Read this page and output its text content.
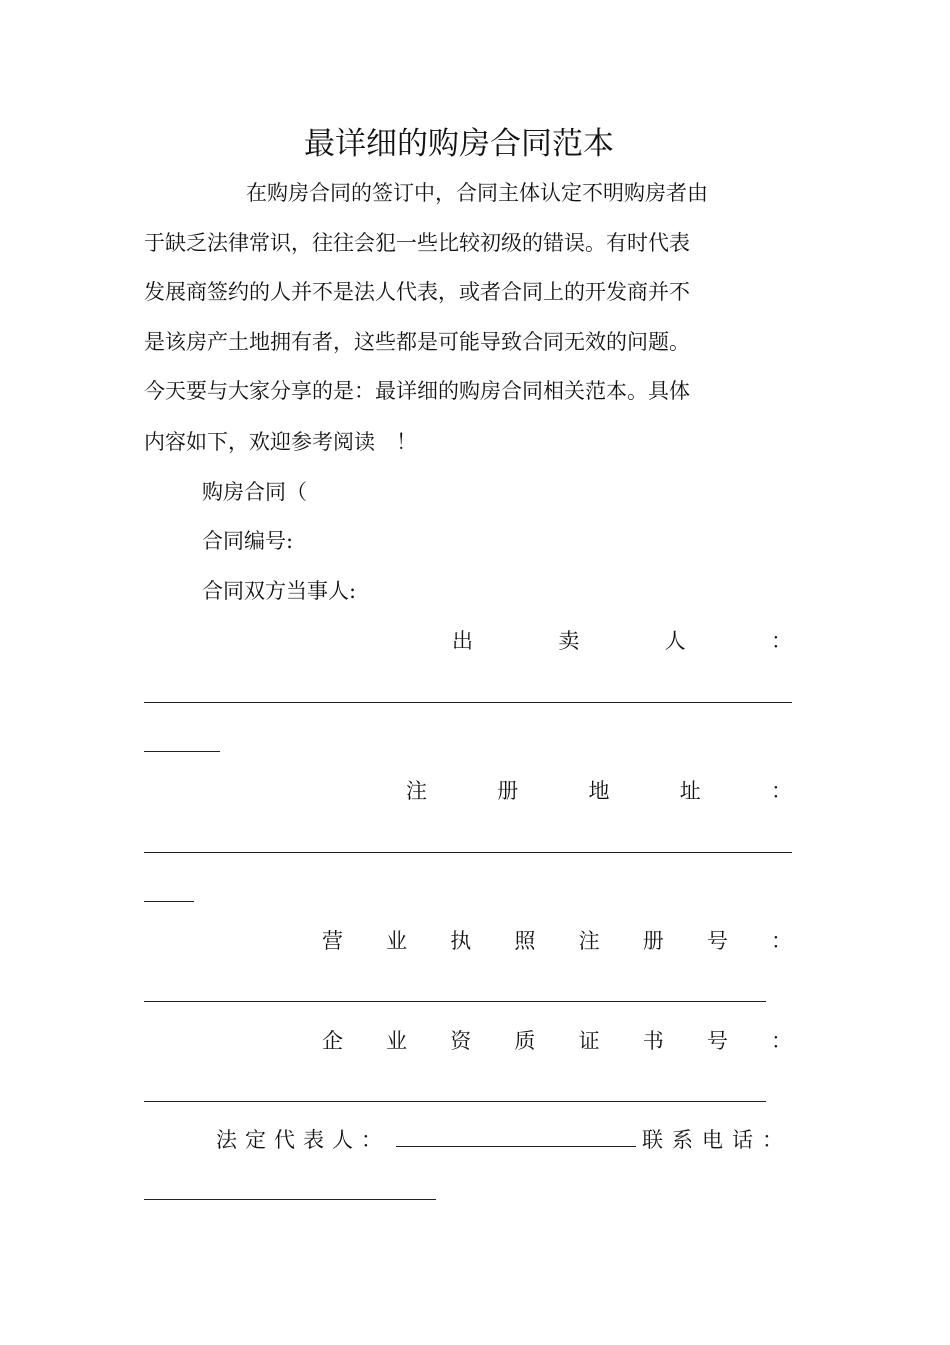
最详细的购房合同范本
在购房合同的签订中，合同主体认定不明购房者由
于缺乏法律常识，往往会犯一些比较初级的错误。有时代表
发展商签约的人并不是法人代表，或者合同上的开发商并不
是该房产土地拥有者，这些都是可能导致合同无效的问题。
今天要与大家分享的是：最详细的购房合同相关范本。具体
内容如下，欢迎参考阅读　！
购房合同（
合同编号:
合同双方当事人:
出	卖	人	：
注	册	地	址	：
营 业 执 照 注 册 号 ：
企 业 资 质 证 书 号 ：
法定代表人：	联系电话：
